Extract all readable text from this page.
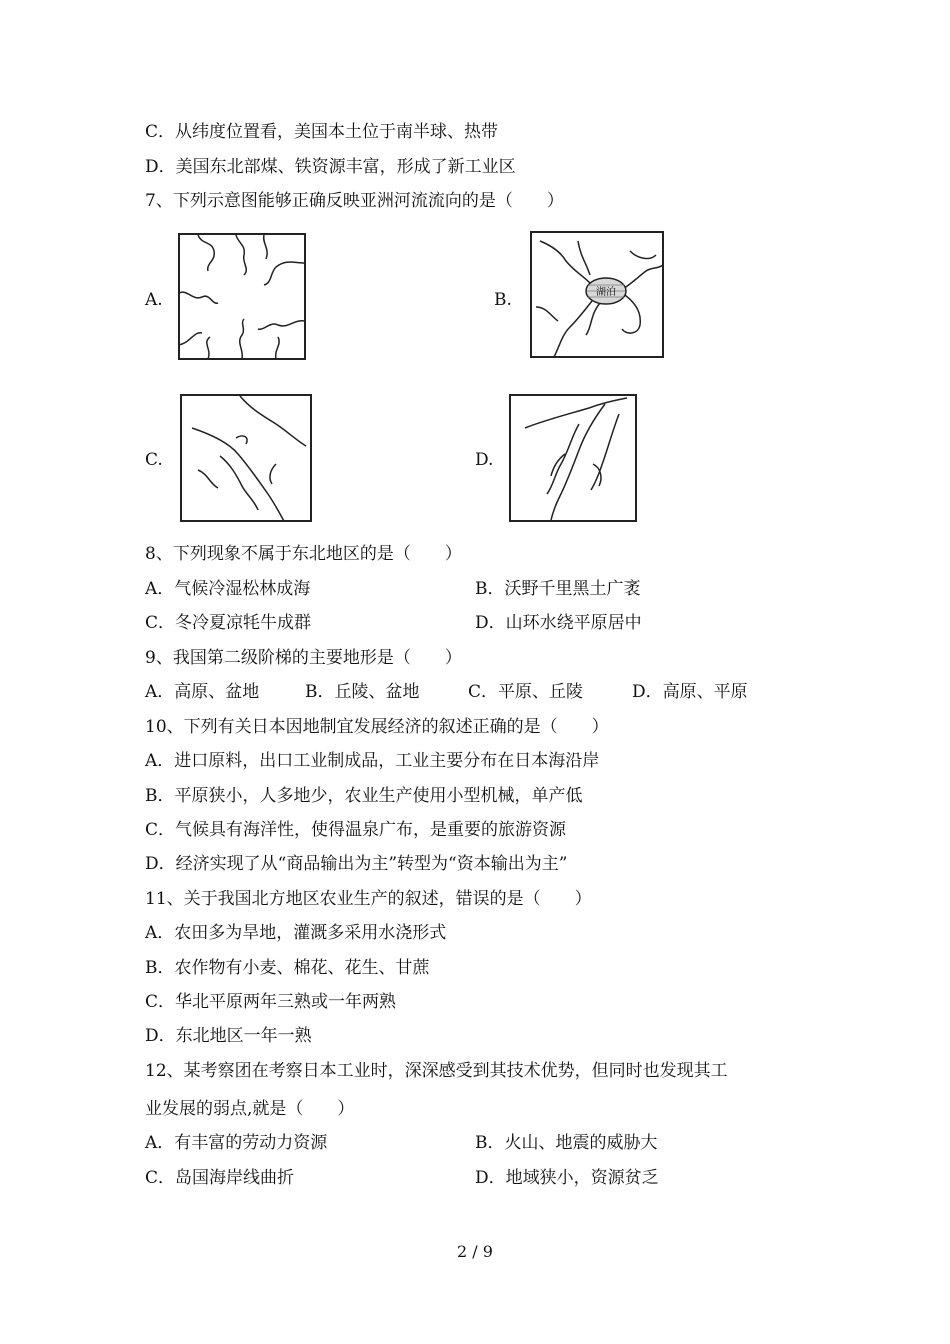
C．从纬度位置看，美国本土位于南半球、热带
D．美国东北部煤、铁资源丰富，形成了新工业区
7、下列示意图能够正确反映亚洲河流流向的是（　　）
A.	B.	湖泊
C.	D.
8、下列现象不属于东北地区的是（　　）
A．气候冷湿松林成海	B．沃野千里黑土广袤
C．冬冷夏凉牦牛成群	D．山环水绕平原居中
9、我国第二级阶梯的主要地形是（　　）
A．高原、盆地	B．丘陵、盆地	C．平原、丘陵	D．高原、平原
10、下列有关日本因地制宜发展经济的叙述正确的是（　　）
A．进口原料，出口工业制成品，工业主要分布在日本海沿岸
B．平原狭小，人多地少，农业生产使用小型机械，单产低
C．气候具有海洋性，使得温泉广布，是重要的旅游资源
D．经济实现了从“商品输出为主”转型为“资本输出为主”
11、关于我国北方地区农业生产的叙述，错误的是（　　）
A．农田多为旱地，灌溉多采用水浇形式
B．农作物有小麦、棉花、花生、甘蔗
C．华北平原两年三熟或一年两熟
D．东北地区一年一熟
12、某考察团在考察日本工业时，深深感受到其技术优势，但同时也发现其工
业发展的弱点,就是（　　）
A．有丰富的劳动力资源	B．火山、地震的威胁大
C．岛国海岸线曲折	D．地域狭小，资源贫乏
2 / 9
